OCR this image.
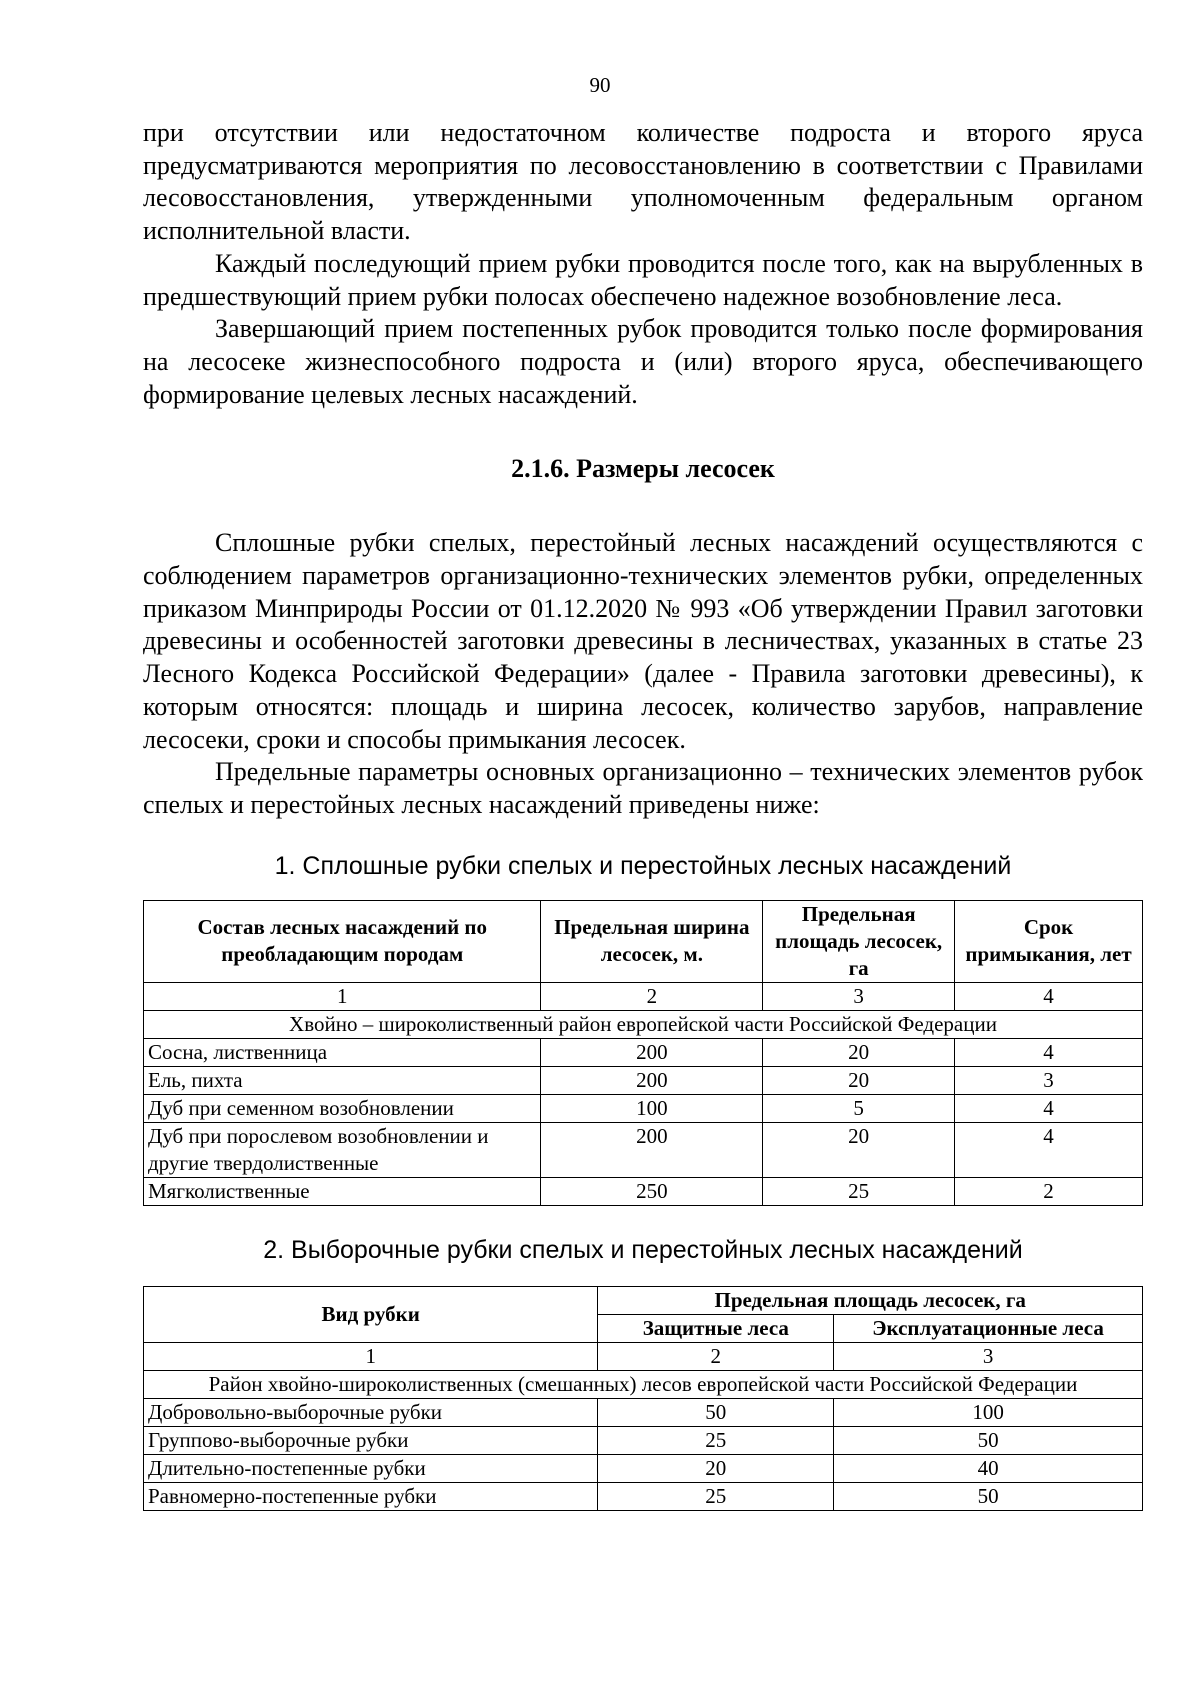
90

при отсутствии или недостаточном количестве подроста и второго яруса предусматриваются мероприятия по лесовосстановлению в соответствии с Правилами лесовосстановления, утвержденными уполномоченным федеральным органом исполнительной власти.

Каждый последующий прием рубки проводится после того, как на вырубленных в предшествующий прием рубки полосах обеспечено надежное возобновление леса.

Завершающий прием постепенных рубок проводится только после формирования на лесосеке жизнеспособного подроста и (или) второго яруса, обеспечивающего формирование целевых лесных насаждений.

2.1.6. Размеры лесосек

Сплошные рубки спелых, перестойный лесных насаждений осуществляются с соблюдением параметров организационно-технических элементов рубки, определенных приказом Минприроды России от 01.12.2020 № 993 «Об утверждении Правил заготовки древесины и особенностей заготовки древесины в лесничествах, указанных в статье 23 Лесного Кодекса Российской Федерации» (далее - Правила заготовки древесины), к которым относятся: площадь и ширина лесосек, количество зарубов, направление лесосеки, сроки и способы примыкания лесосек.

Предельные параметры основных организационно – технических элементов рубок спелых и перестойных лесных насаждений приведены ниже:

1. Сплошные рубки спелых и перестойных лесных насаждений
Состав лесных насаждений по преобладающим породам	Предельная ширина лесосек, м.	Предельная площадь лесосек, га	Срок примыкания, лет
1	2	3	4
Хвойно – широколиственный район европейской части Российской Федерации			
Сосна, лиственница	200	20	4
Ель, пихта	200	20	3
Дуб при семенном возобновлении	100	5	4
Дуб при порослевом возобновлении и другие твердолиственные	200	20	4
Мягколиственные	250	25	2
2. Выборочные рубки спелых и перестойных лесных насаждений
Вид рубки	Предельная площадь лесосек, га	
	Защитные леса	Эксплуатационные леса
1	2	3
Район хвойно-широколиственных (смешанных) лесов европейской части Российской Федерации		
Добровольно-выборочные рубки	50	100
Группово-выборочные рубки	25	50
Длительно-постепенные рубки	20	40
Равномерно-постепенные рубки	25	50
